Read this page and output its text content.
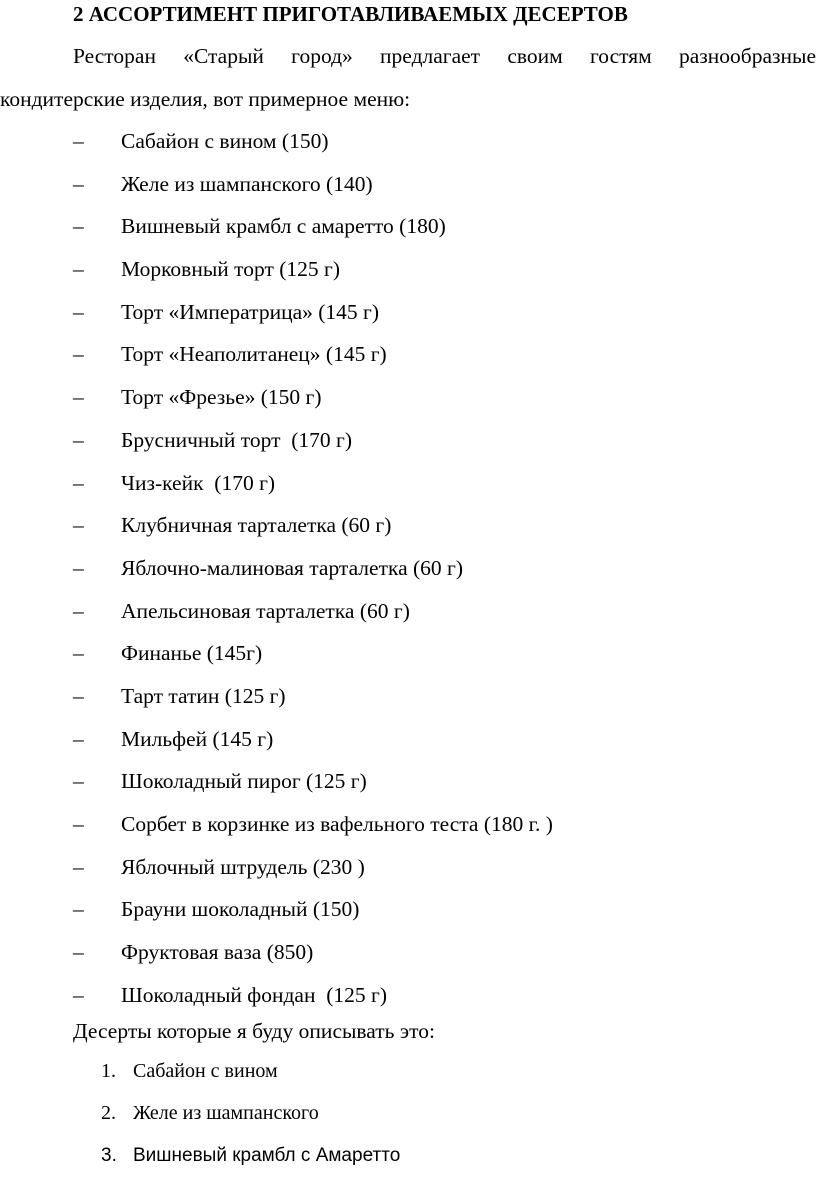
2 АССОРТИМЕНТ ПРИГОТАВЛИВАЕМЫХ ДЕСЕРТОВ
Ресторан «Старый город» предлагает своим гостям разнообразные
кондитерские изделия, вот примерное меню:
– Сабайон с вином (150)
– Желе из шампанского (140)
– Вишневый крамбл с амаретто (180)
– Морковный торт (125 г)
– Торт «Императрица» (145 г)
– Торт «Неаполитанец» (145 г)
– Торт «Фрезье» (150 г)
– Брусничный торт  (170 г)
– Чиз-кейк  (170 г)
– Клубничная тарталетка (60 г)
– Яблочно-малиновая тарталетка (60 г)
– Апельсиновая тарталетка (60 г)
– Финанье (145г)
– Тарт татин (125 г)
– Мильфей (145 г)
– Шоколадный пирог (125 г)
– Сорбет в корзинке из вафельного теста (180 г. )
– Яблочный штрудель (230 )
– Брауни шоколадный (150)
– Фруктовая ваза (850)
– Шоколадный фондан  (125 г)
Десерты которые я буду описывать это:
1. Сабайон с вином
2. Желе из шампанского
3. Вишневый крамбл с Амаретто
